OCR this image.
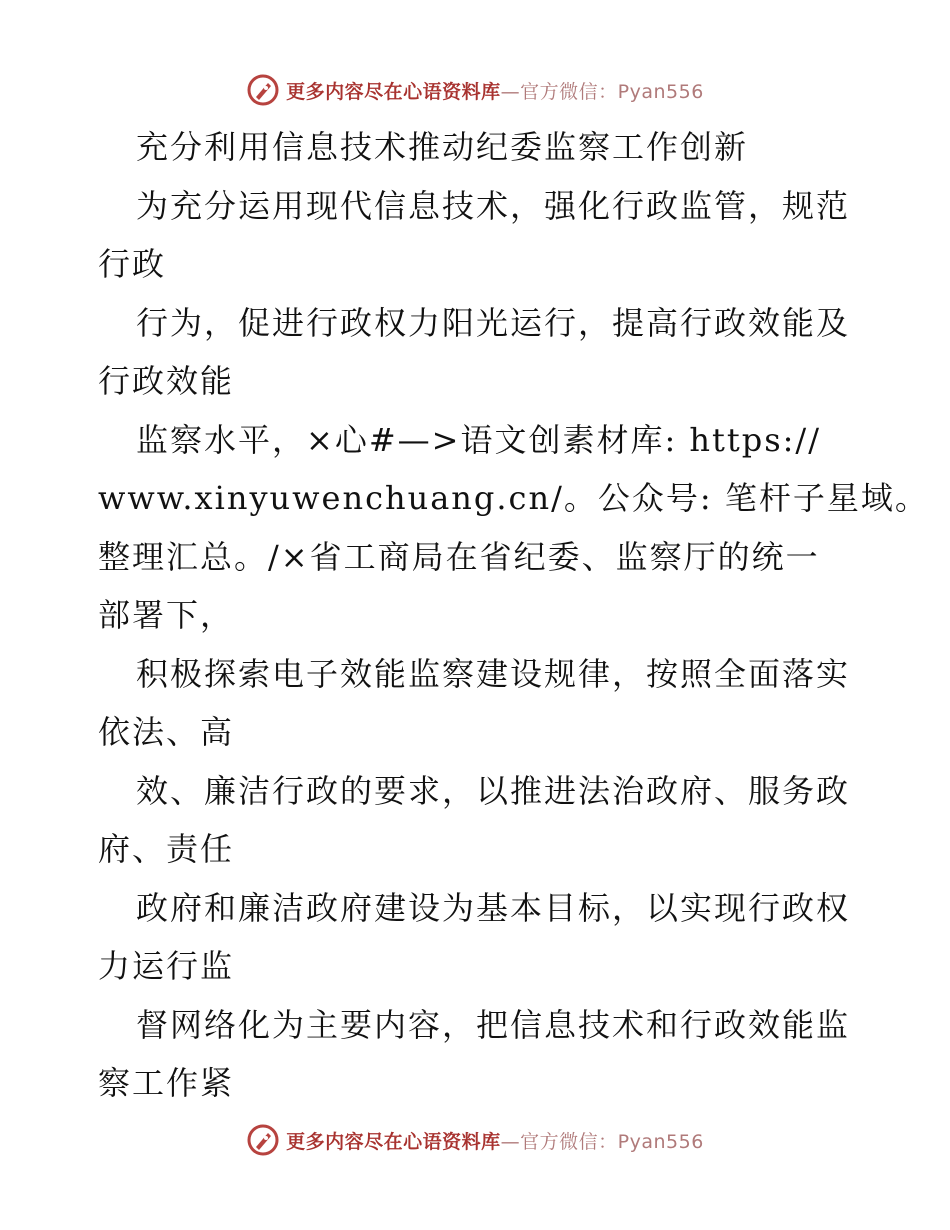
更多内容尽在心语资料库—官方微信：Pyan556
充分利用信息技术推动纪委监察工作创新
为充分运用现代信息技术，强化行政监管，规范
行政
行为，促进行政权力阳光运行，提高行政效能及
行政效能
监察水平，×心#—>语文创素材库: https://
www.xinyuwenchuang.cn/。公众号: 笔杆子星域。
整理汇总。/×省工商局在省纪委、监察厅的统一
部署下，
积极探索电子效能监察建设规律，按照全面落实
依法、高
效、廉洁行政的要求，以推进法治政府、服务政
府、责任
政府和廉洁政府建设为基本目标，以实现行政权
力运行监
督网络化为主要内容，把信息技术和行政效能监
察工作紧
更多内容尽在心语资料库—官方微信：Pyan556
